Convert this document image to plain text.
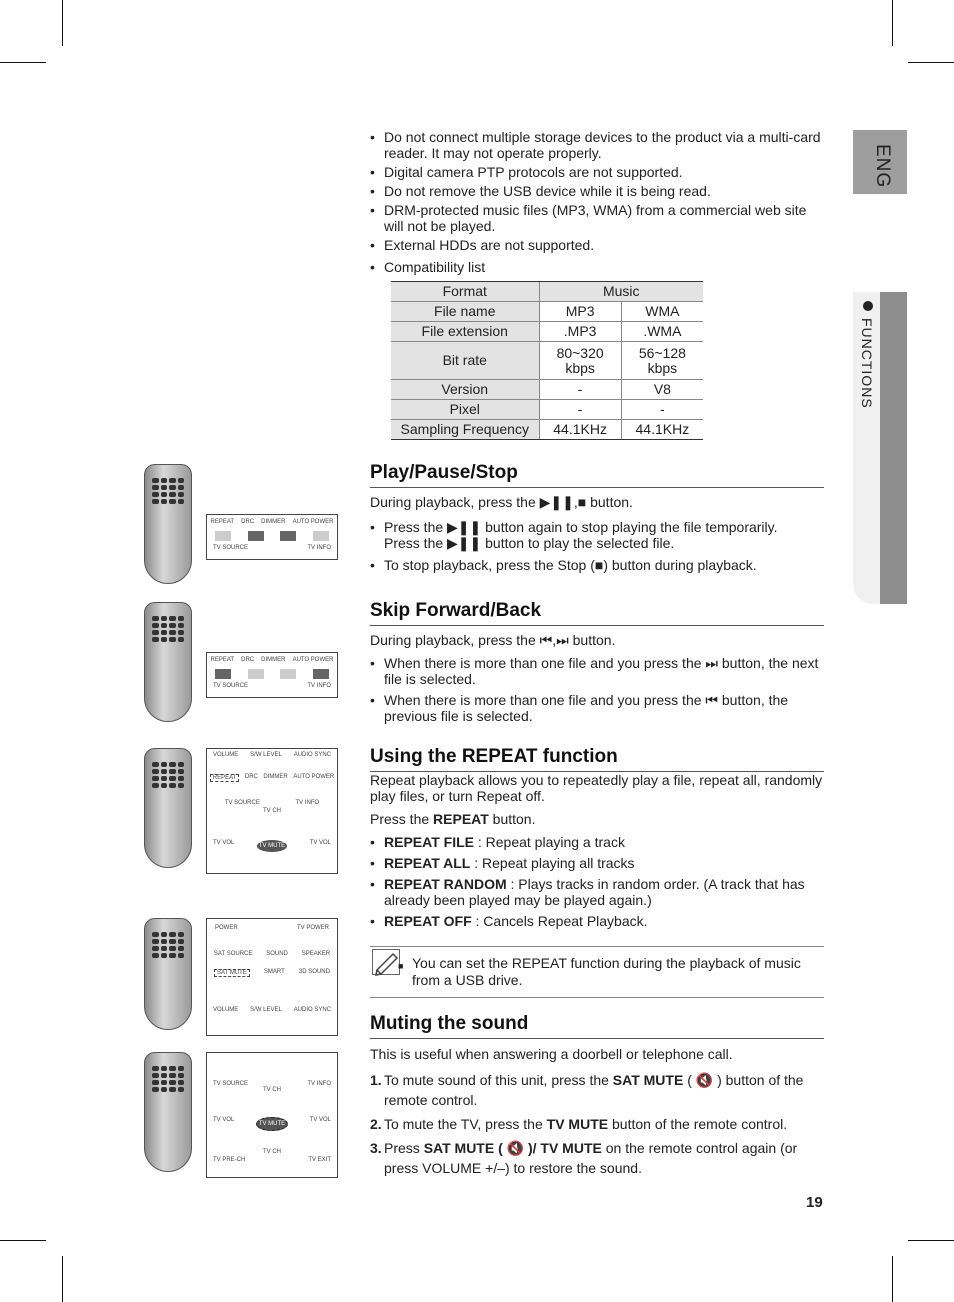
ENG
FUNCTIONS
• Do not connect multiple storage devices to the product via a multi-card reader. It may not operate properly.
• Digital camera PTP protocols are not supported.
• Do not remove the USB device while it is being read.
• DRM-protected music files (MP3, WMA) from a commercial web site will not be played.
• External HDDs are not supported.
• Compatibility list
Format	Music	
File name	MP3	WMA
File extension	.MP3	.WMA
Bit rate	80~320 kbps	56~128 kbps
Version	-	V8
Pixel	-	-
Sampling Frequency	44.1KHz	44.1KHz
Play/Pause/Stop
During playback, press the ▶❚❚,■ button.
• Press the ▶❚❚ button again to stop playing the file temporarily.
Press the ▶❚❚ button to play the selected file.
• To stop playback, press the Stop (■) button during playback.
Skip Forward/Back
During playback, press the ⏮,⏭ button.
• When there is more than one file and you press the ⏭ button, the next file is selected.
• When there is more than one file and you press the ⏮ button, the previous file is selected.
Using the REPEAT function
Repeat playback allows you to repeatedly play a file, repeat all, randomly play files, or turn Repeat off.
Press the REPEAT button.
• REPEAT FILE : Repeat playing a track
• REPEAT ALL : Repeat playing all tracks
• REPEAT RANDOM : Plays tracks in random order. (A track that has already been played may be played again.)
• REPEAT OFF : Cancels Repeat Playback.
■ You can set the REPEAT function during the playback of music from a USB drive.
Muting the sound
This is useful when answering a doorbell or telephone call.
1. To mute sound of this unit, press the SAT MUTE ( 🔇 ) button of the remote control.
2. To mute the TV, press the TV MUTE button of the remote control.
3. Press SAT MUTE ( 🔇 )/ TV MUTE on the remote control again (or press VOLUME +/–) to restore the sound.
REPEAT DRC DIMMER AUTO POWER
TV SOURCE	TV INFO
REPEAT DRC DIMMER AUTO POWER
TV SOURCE	TV INFO
VOLUME S/W LEVEL AUDIO SYNC
REPEAT	DRC DIMMER AUTO POWER
TV SOURCE	TV INFO
TV CH
TV VOL	TV MUTE	TV VOL
POWER	TV POWER
SAT SOURCE SOUND SPEAKER
SAT MUTE	SMART 3D SOUND
VOLUME S/W LEVEL AUDIO SYNC
TV SOURCE	TV INFO
TV CH
TV VOL
TV MUTE
TV VOL
TV CH
TV PRE-CH	TV EXIT
19
